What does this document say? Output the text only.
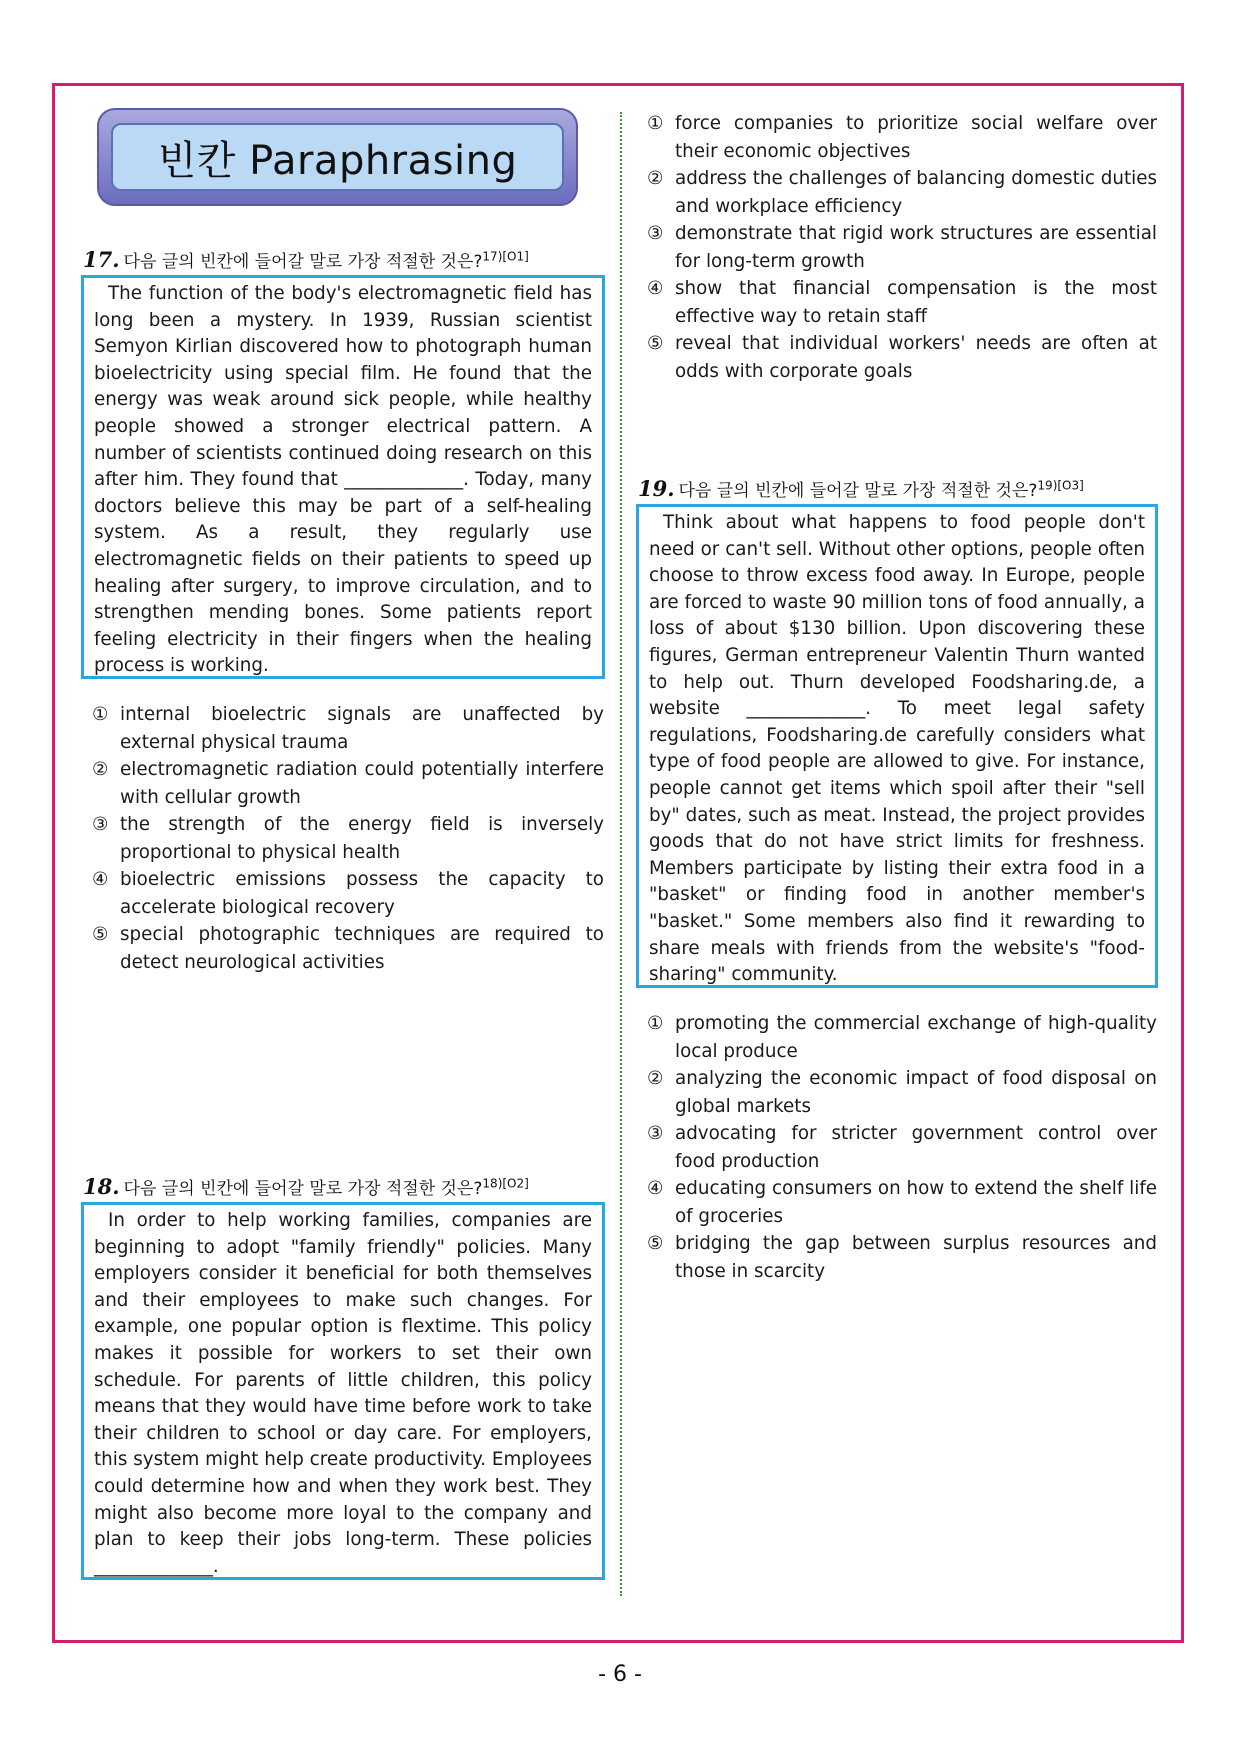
빈칸 Paraphrasing
17. 다음 글의 빈칸에 들어갈 말로 가장 적절한 것은?$^{17)[O1]}$
The function of the body's electromagnetic field has long been a mystery. In 1939, Russian scientist Semyon Kirlian discovered how to photograph human bioelectricity using special film. He found that the energy was weak around sick people, while healthy people showed a stronger electrical pattern. A number of scientists continued doing research on this after him. They found that _____________. Today, many doctors believe this may be part of a self-healing system. As a result, they regularly use electromagnetic fields on their patients to speed up healing after surgery, to improve circulation, and to strengthen mending bones. Some patients report feeling electricity in their fingers when the healing process is working.
① internal bioelectric signals are unaffected by external physical trauma
② electromagnetic radiation could potentially interfere with cellular growth
③ the strength of the energy field is inversely proportional to physical health
④ bioelectric emissions possess the capacity to accelerate biological recovery
⑤ special photographic techniques are required to detect neurological activities
18. 다음 글의 빈칸에 들어갈 말로 가장 적절한 것은?$^{18)[O2]}$
In order to help working families, companies are beginning to adopt "family friendly" policies. Many employers consider it beneficial for both themselves and their employees to make such changes. For example, one popular option is flextime. This policy makes it possible for workers to set their own schedule. For parents of little children, this policy means that they would have time before work to take their children to school or day care. For employers, this system might help create productivity. Employees could determine how and when they work best. They might also become more loyal to the company and plan to keep their jobs long-term. These policies _____________.
① force companies to prioritize social welfare over their economic objectives
② address the challenges of balancing domestic duties and workplace efficiency
③ demonstrate that rigid work structures are essential for long-term growth
④ show that financial compensation is the most effective way to retain staff
⑤ reveal that individual workers' needs are often at odds with corporate goals
19. 다음 글의 빈칸에 들어갈 말로 가장 적절한 것은?$^{19)[O3]}$
Think about what happens to food people don't need or can't sell. Without other options, people often choose to throw excess food away. In Europe, people are forced to waste 90 million tons of food annually, a loss of about $130 billion. Upon discovering these figures, German entrepreneur Valentin Thurn wanted to help out. Thurn developed Foodsharing.de, a website _____________. To meet legal safety regulations, Foodsharing.de carefully considers what type of food people are allowed to give. For instance, people cannot get items which spoil after their "sell by" dates, such as meat. Instead, the project provides goods that do not have strict limits for freshness. Members participate by listing their extra food in a "basket" or finding food in another member's "basket." Some members also find it rewarding to share meals with friends from the website's "food-sharing" community.
① promoting the commercial exchange of high-quality local produce
② analyzing the economic impact of food disposal on global markets
③ advocating for stricter government control over food production
④ educating consumers on how to extend the shelf life of groceries
⑤ bridging the gap between surplus resources and those in scarcity
- 6 -
